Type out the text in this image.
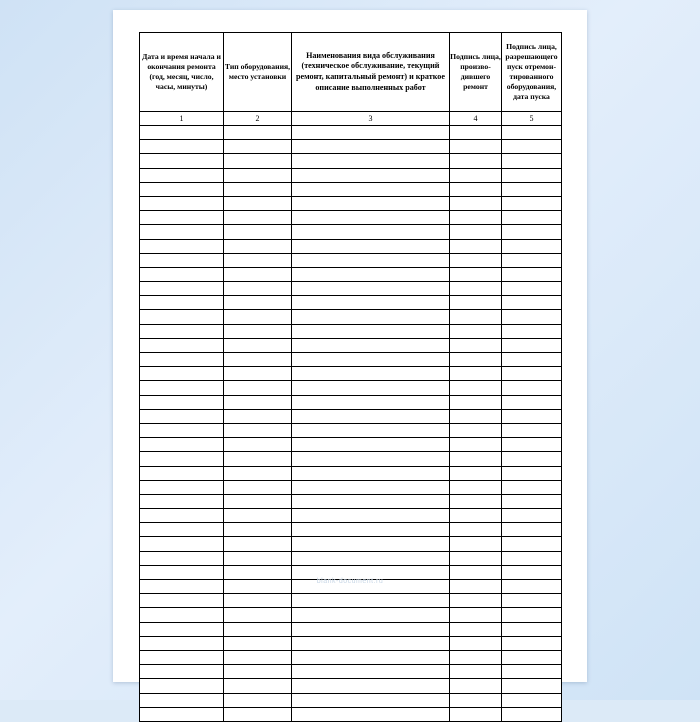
Дата и время начала и окончания ремонта (год, месяц, число, часы, минуты)	Тип оборудования, место установки	Наименования вида обслуживания (техническое обслуживание, текущий ремонт, капитальный ремонт) и краткое описание выполненных работ	Подпись лица, производившего ремонт	Подпись лица, разрешающего пуск отремонтированного оборудования, дата пуска
1	2	3	4	5

blank-document.ru
